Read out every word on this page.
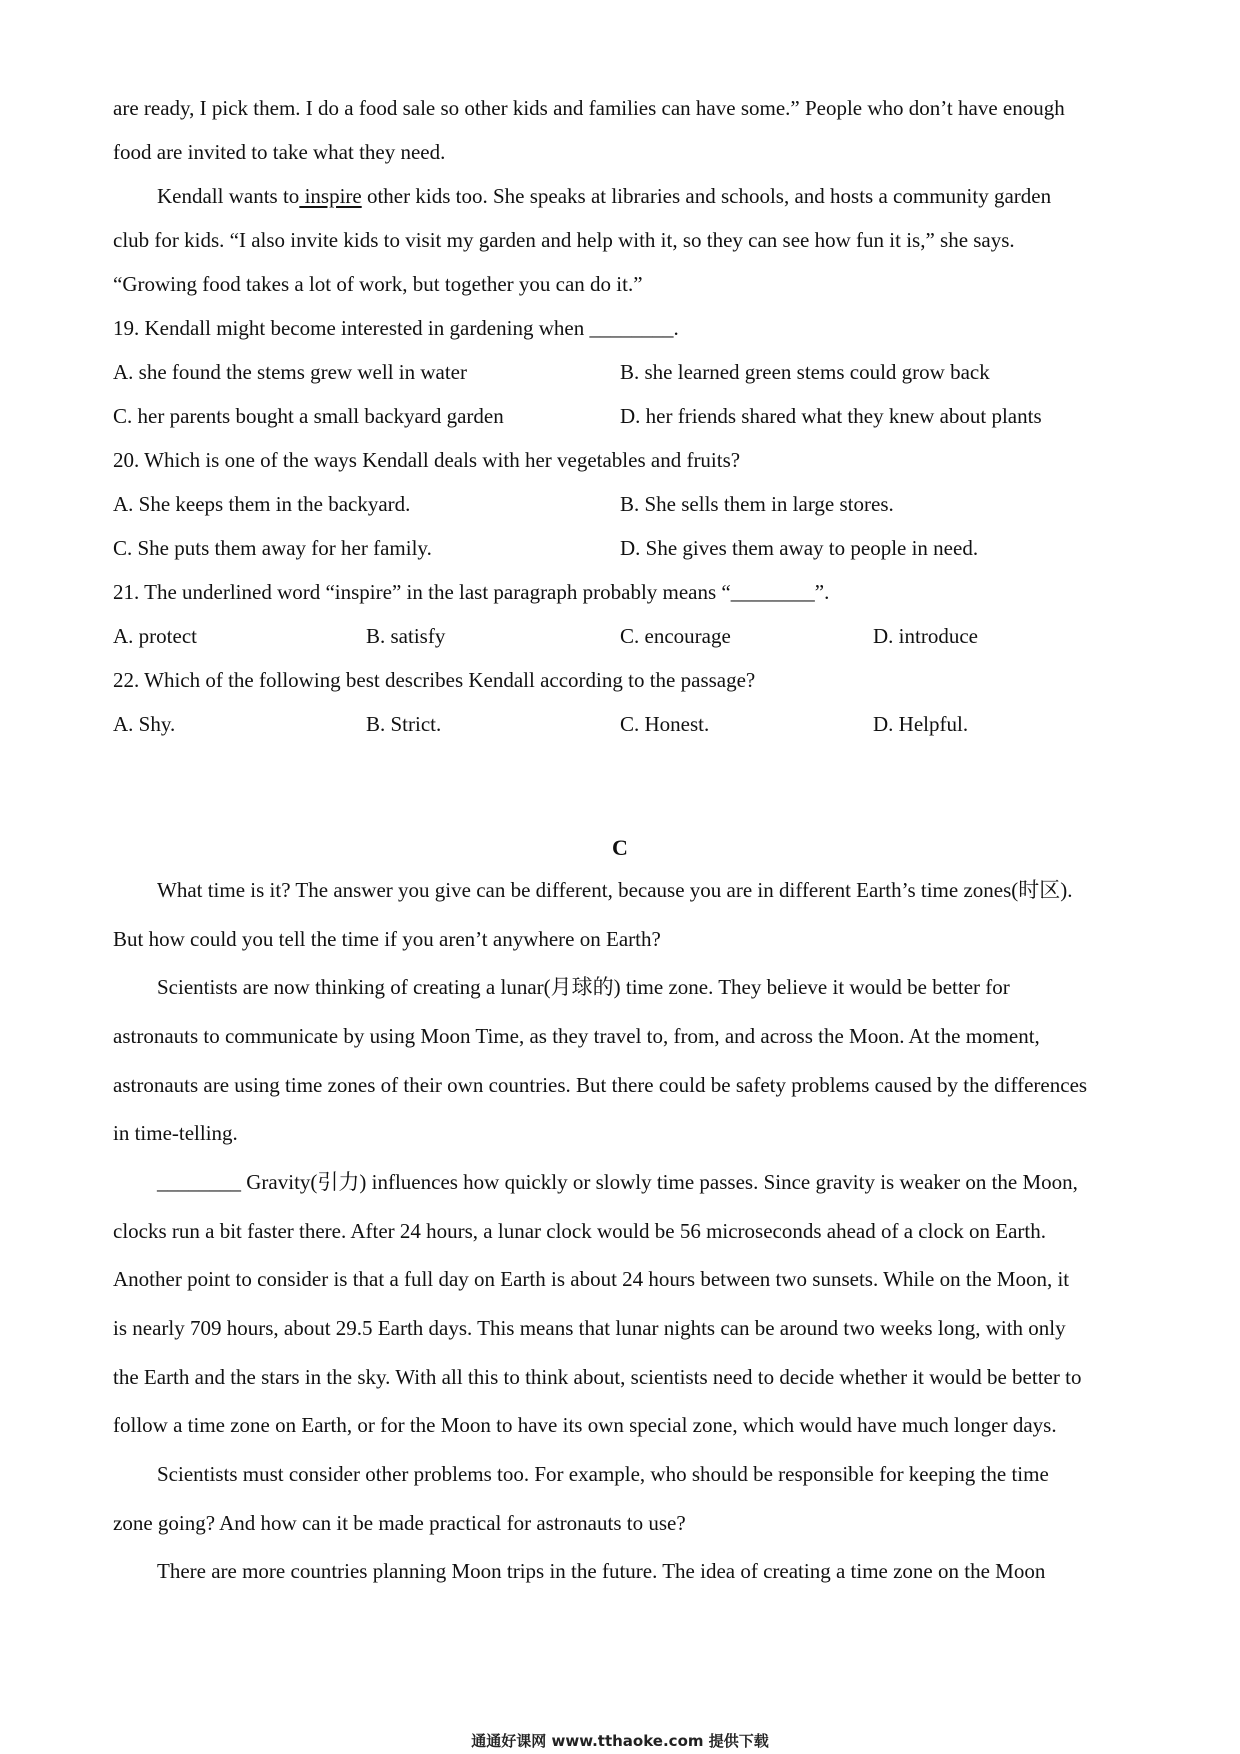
are ready, I pick them. I do a food sale so other kids and families can have some.” People who don’t have enough
food are invited to take what they need.
Kendall wants to inspire other kids too. She speaks at libraries and schools, and hosts a community garden
club for kids. “I also invite kids to visit my garden and help with it, so they can see how fun it is,” she says.
“Growing food takes a lot of work, but together you can do it.”
19. Kendall might become interested in gardening when ________.
A. she found the stems grew well in water	B. she learned green stems could grow back
C. her parents bought a small backyard garden	D. her friends shared what they knew about plants
20. Which is one of the ways Kendall deals with her vegetables and fruits?
A. She keeps them in the backyard.	B. She sells them in large stores.
C. She puts them away for her family.	D. She gives them away to people in need.
21. The underlined word “inspire” in the last paragraph probably means “________”.
A. protect	B. satisfy	C. encourage	D. introduce
22. Which of the following best describes Kendall according to the passage?
A. Shy.	B. Strict.	C. Honest.	D. Helpful.
C
What time is it? The answer you give can be different, because you are in different Earth’s time zones(时区).
But how could you tell the time if you aren’t anywhere on Earth?
Scientists are now thinking of creating a lunar(月球的) time zone. They believe it would be better for
astronauts to communicate by using Moon Time, as they travel to, from, and across the Moon. At the moment,
astronauts are using time zones of their own countries. But there could be safety problems caused by the differences
in time-telling.
________ Gravity(引力) influences how quickly or slowly time passes. Since gravity is weaker on the Moon,
clocks run a bit faster there. After 24 hours, a lunar clock would be 56 microseconds ahead of a clock on Earth.
Another point to consider is that a full day on Earth is about 24 hours between two sunsets. While on the Moon, it
is nearly 709 hours, about 29.5 Earth days. This means that lunar nights can be around two weeks long, with only
the Earth and the stars in the sky. With all this to think about, scientists need to decide whether it would be better to
follow a time zone on Earth, or for the Moon to have its own special zone, which would have much longer days.
Scientists must consider other problems too. For example, who should be responsible for keeping the time
zone going? And how can it be made practical for astronauts to use?
There are more countries planning Moon trips in the future. The idea of creating a time zone on the Moon
通通好课网 www.tthaoke.com 提供下载
